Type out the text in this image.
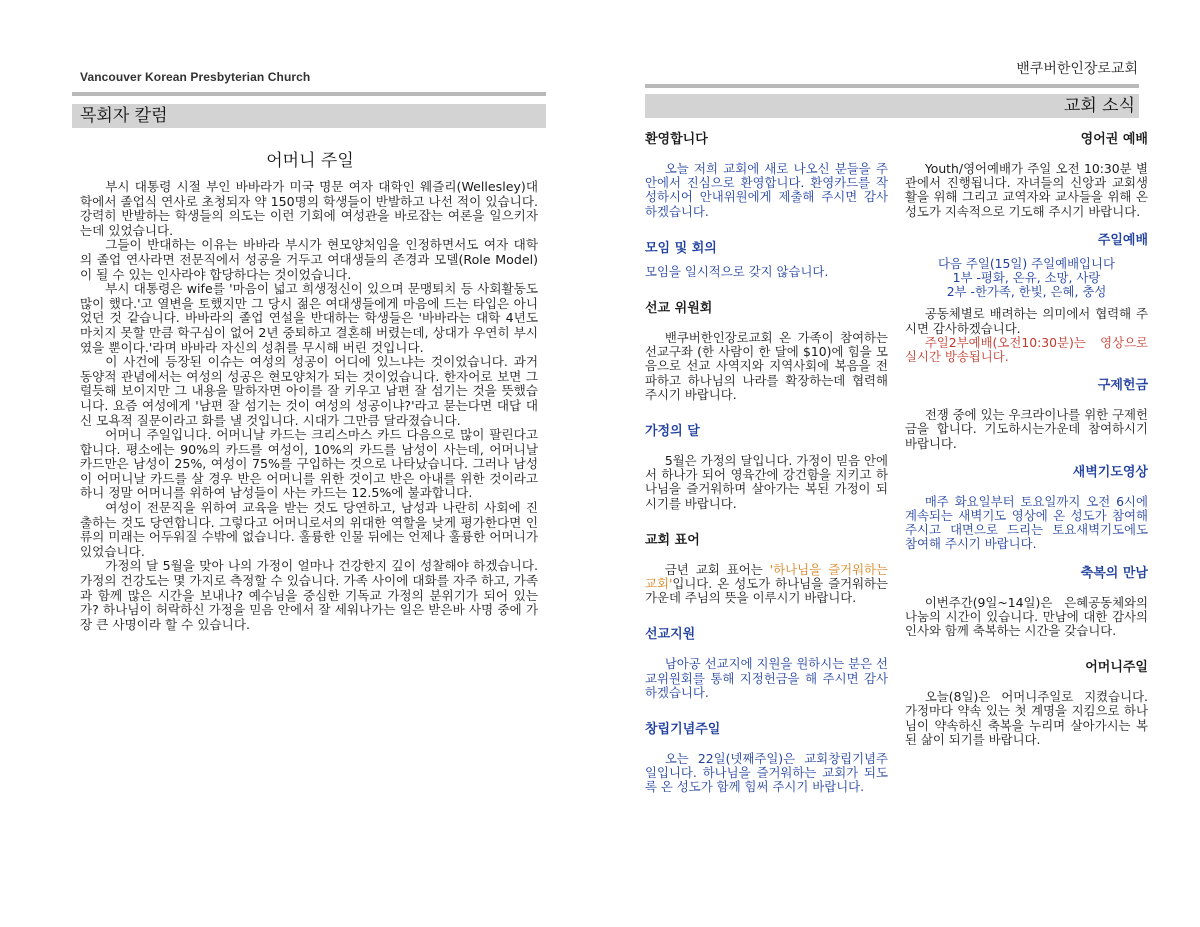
Vancouver Korean Presbyterian Church
목회자 칼럼
어머니 주일

부시 대통령 시절 부인 바바라가 미국 명문 여자 대학인 웨즐리(Wellesley)대학에서 졸업식 연사로 초청되자 약 150명의 학생들이 반발하고 나선 적이 있습니다. 강력히 반발하는 학생들의 의도는 이런 기회에 여성관을 바로잡는 여론을 일으키자는데 있었습니다.

그들이 반대하는 이유는 바바라 부시가 현모양처임을 인정하면서도 여자 대학의 졸업 연사라면 전문직에서 성공을 거두고 여대생들의 존경과 모델(Role Model)이 될 수 있는 인사라야 합당하다는 것이었습니다.

부시 대통령은 wife를 '마음이 넓고 희생정신이 있으며 문맹퇴치 등 사회활동도 많이 했다.'고 열변을 토했지만 그 당시 젊은 여대생들에게 마음에 드는 타입은 아니었던 것 같습니다. 바바라의 졸업 연설을 반대하는 학생들은 '바바라는 대학 4년도 마치지 못할 만큼 학구심이 없어 2년 중퇴하고 결혼해 버렸는데, 상대가 우연히 부시였을 뿐이다.'라며 바바라 자신의 성취를 무시해 버린 것입니다.

이 사건에 등장된 이슈는 여성의 성공이 어디에 있느냐는 것이었습니다. 과거 동양적 관념에서는 여성의 성공은 현모양처가 되는 것이었습니다. 한자어로 보면 그럴듯해 보이지만 그 내용을 말하자면 아이를 잘 키우고 남편 잘 섬기는 것을 뜻했습니다. 요즘 여성에게 '남편 잘 섬기는 것이 여성의 성공이냐?'라고 묻는다면 대답 대신 모욕적 질문이라고 화를 낼 것입니다. 시대가 그만큼 달라졌습니다.

어머니 주일입니다. 어머니날 카드는 크리스마스 카드 다음으로 많이 팔린다고 합니다. 평소에는 90%의 카드를 여성이, 10%의 카드를 남성이 사는데, 어머니날 카드만은 남성이 25%, 여성이 75%를 구입하는 것으로 나타났습니다. 그러나 남성이 어머니날 카드를 살 경우 반은 어머니를 위한 것이고 반은 아내를 위한 것이라고 하니 정말 어머니를 위하여 남성들이 사는 카드는 12.5%에 불과합니다.

여성이 전문직을 위하여 교육을 받는 것도 당연하고, 남성과 나란히 사회에 진출하는 것도 당연합니다. 그렇다고 어머니로서의 위대한 역할을 낮게 평가한다면 인류의 미래는 어두워질 수밖에 없습니다. 훌륭한 인물 뒤에는 언제나 훌륭한 어머니가 있었습니다.

가정의 달 5월을 맞아 나의 가정이 얼마나 건강한지 깊이 성찰해야 하겠습니다. 가정의 건강도는 몇 가지로 측정할 수 있습니다. 가족 사이에 대화를 자주 하고, 가족과 함께 많은 시간을 보내나? 예수님을 중심한 기독교 가정의 분위기가 되어 있는가? 하나님이 허락하신 가정을 믿음 안에서 잘 세워나가는 일은 받은바 사명 중에 가장 큰 사명이라 할 수 있습니다.

밴쿠버한인장로교회
교회 소식
환영합니다
오늘 저희 교회에 새로 나오신 분들을 주 안에서 진심으로 환영합니다. 환영카드를 작성하시어 안내위원에게 제출해 주시면 감사하겠습니다.
모임 및 회의
모임을 일시적으로 갖지 않습니다.
선교 위원회
밴쿠버한인장로교회 온 가족이 참여하는 선교구좌 (한 사람이 한 달에 $10)에 힘을 모음으로 선교 사역지와 지역사회에 복음을 전파하고 하나님의 나라를 확장하는데 협력해 주시기 바랍니다.
가정의 달
5월은 가정의 달입니다. 가정이 믿음 안에서 하나가 되어 영육간에 강건함을 지키고 하나님을 즐거워하며 살아가는 복된 가정이 되시기를 바랍니다.
교회 표어
금년 교회 표어는 '하나님을 즐거워하는 교회'입니다. 온 성도가 하나님을 즐거워하는 가운데 주님의 뜻을 이루시기 바랍니다.
선교지원
남아공 선교지에 지원을 원하시는 분은 선교위원회를 통해 지정헌금을 해 주시면 감사하겠습니다.
창립기념주일
오는 22일(넷째주일)은 교회창립기념주일입니다. 하나님을 즐거워하는 교회가 되도록 온 성도가 함께 힘써 주시기 바랍니다.
영어권 예배
Youth/영어예배가 주일 오전 10:30분 별관에서 진행됩니다. 자녀들의 신앙과 교회생활을 위해 그리고 교역자와 교사들을 위해 온 성도가 지속적으로 기도해 주시기 바랍니다.
주일예배
다음 주일(15일) 주일예배입니다
1부 -평화, 온유, 소망, 사랑
2부 -한가족, 한빛, 은혜, 충성
공동체별로 배려하는 의미에서 협력해 주시면 감사하겠습니다.
주일2부예배(오전10:30분)는 영상으로 실시간 방송됩니다.
구제헌금
전쟁 중에 있는 우크라이나를 위한 구제헌금을 합니다. 기도하시는가운데 참여하시기 바랍니다.
새벽기도영상
매주 화요일부터 토요일까지 오전 6시에 계속되는 새벽기도 영상에 온 성도가 참여해 주시고 대면으로 드리는 토요새벽기도에도 참여해 주시기 바랍니다.
축복의 만남
이번주간(9일~14일)은 은혜공동체와의 나눔의 시간이 있습니다. 만남에 대한 감사의 인사와 함께 축복하는 시간을 갖습니다.
어머니주일
오늘(8일)은 어머니주일로 지켰습니다. 가정마다 약속 있는 첫 계명을 지킴으로 하나님이 약속하신 축복을 누리며 살아가시는 복된 삶이 되기를 바랍니다.
